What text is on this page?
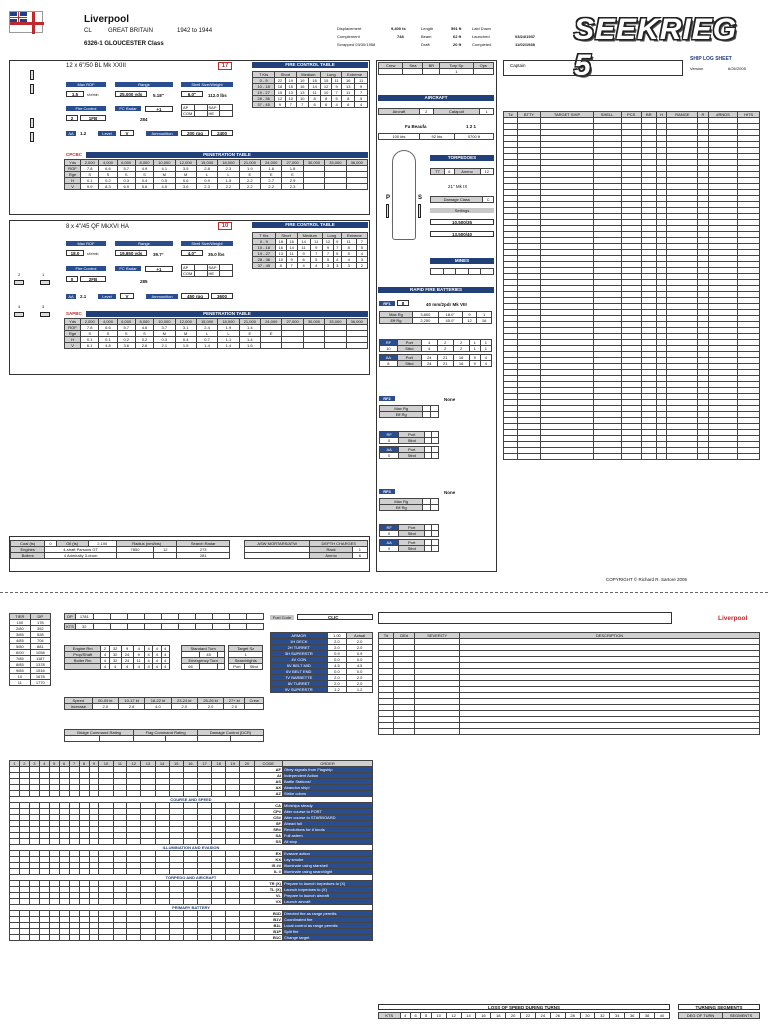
Liverpool
CL	GREAT BRITAIN	1942 to 1944
6326-1 GLOUCESTER Class
Displacement	9,400 ts
Complement	748
Scrapped 03/30/1958
Length	591 ft
Beam	62 ft
Draft	20 ft
Laid Down
Launched	03/24/1937
Completed	11/02/1938 SEEKRIEG 5	SHIP LOG SHEET
Version	6/26/2005
12 x 6"/50 BL Mk XXIII	17
Max ROF
1.5	shr/min
Range
25,000 yds	5.18"
Shell Size/Weight
6.0"	112.0 lbs
Fire Control
2	1FB
FC Radar	+1
284
AP		SAP	
COM		HE	
AA	1.2	Level	V	Ammunition	200 rpg	2400
FIRE CONTROL TABLE
T Kts	Short		Medium		Long		Extreme	
0 - 9	22	19	19	16	15	11	16	11
10 - 18	18	15	16	14	12	9	13	9
19 - 27	15	13	13	11	10	7	11	7
28 - 36	12	10	10	8	8	5	8	5
37 - 45	9	7	7	6	6	4	6	4
CPCBC	PENETRATION TABLE
Yds	2,000	4,000	6,000	8,000	10,000	12,000	15,000	18,000	21,000	24,000	27,000	30,000	33,000	36,000
ROF	7.8	6.6	5.7	4.9	4.1	3.5	2.8	2.3	1.9	1.6	1.8			
Rge	S	S	S	S	M	M	L	L	E	E	E			
H	0.1	0.2	0.3	0.4	0.5	0.6	0.9	1.5	2.2	2.7	2.9			
V	9.9	8.3	6.9	5.6	4.5	3.6	2.3	2.2	2.2	2.2	2.3			
8 x 4"/45 QF MkXVI HA	10
2	1
4	3
Max ROF
18.0	shr/min
Range
19,850 yds	39.7°
Shell Size/Weight
4.0"	35.0 lbs
Fire Control
0	2FB
FC Radar	+1
285
AP		SAP	
COM		HE	
AA	2.1	Level	V	Ammunition	450 rpg	3600
FIRE CONTROL TABLE
T Kts	Short		Medium		Long		Extreme	
0 - 9	18	16	14	11	12	9	11	7
10 - 18	16	14	11	9	9	7	8	5
19 - 27	13	11	9	7	7	5	5	4
28 - 36	10	9	6	5	5	4	4	3
37 - 45	8	7	4	4	3	3	3	2
SAPBC	PENETRATION TABLE
Yds	2,000	4,000	6,000	8,000	10,000	12,000	15,000	18,000	21,000	24,000	27,000	30,000	33,000	36,000
ROF	7.8	6.6	5.7	4.6	3.7	3.1	2.4	1.9	1.4					
Rge	S	S	S	S	M	M	L	L	E	E				
H	0.1	0.1	0.2	0.2	0.3	0.4	0.7	1.1	1.4					
V	6.1	4.8	3.6	2.6	2.1	1.5	1.4	1.4	1.6					
Coal (ts)	0	Oil (ts)	2,100	Radius (nmi/kts)		Search Radar
Engines	4-shaft Parsons GT			7850	12	273
Boilers	4 Admiralty 3-drum					281
ASW MORTARS/ATW	DEPTH CHARGES	
	Rack	1
	Ammo	6
Crew	Sea	BR	Torp Sp	Ops
			1	
AIRCRAFT
Aircraft	2	Catapult	1
Fa Beaufa	1 2 1
100 kts	92 kts	0700 ft
TORPEDOES
TT	6	Ammo	12
21" Mk IX
Damage Class	C
Settings
10,500/35
13,500/40
P	S
MINES

RAPID FIRE BATTERIES
RF1	8	40 mm/2pdr Mk VIII
Max Rg	3,800	18.0"	9	1
Eff Rg	2,250	45.0"	12	16
RF	Port	4	2	2	1	1
10	Stbd	4	2	2	1	1

AA	Port	24	21	16	9	4
8	Stbd	24	21	16	9	4

RF2	None
Max Rg		
Eff Rg		
RF	Port		
0	Stbd		

AA	Port		
0	Stbd		

RF3	None
Max Rg		
Eff Rg		
RF	Port		
0	Stbd		

AA	Port		
0	Stbd		

Captain
T#	BTTY	TARGET SHIP	SHELL	PCS	BR	H	RANGE	R	#RNDS	HITS

COPYRIGHT © Richard R. Sartore 2005
TIER	DP
100	178
2/80	352
3/85	528
4/85	704
5/80	881
6/00	1058
7/85	1187
8/85	1378
9/85	1516
10	1678
11	1770
DP	1781										

KTS	32										
Fuel Code	CLIC	Liverpool
Engine Rm	2	32	9	4	4	4	4
Prop/Shaft	4	32	24	9	4	4	4
Boiler Rm	4	32	24	11	4	4	4
	4	4	4	4	4	4	4
Standard Turn				Target Sz	
	45			1	
Emergency Turn				Searchlights	
66				Port	Stbd
Speed	00-09 kt	10-17 kt	18-22 kt	23-24 kt	25-26 kt	27+ kt	Crew
Increase	2.0	2.8	4.0	2.0	2.0	2.0	
Bridge Command Rating		Flag Command Rating		Damage Control (DCR)	

ARMOR	1.00	Actual
1H DECK	2.0	2.0
2H TURRET	2.0	2.0
3H SUPERSTR	0.9	0.9
4V CON	0.0	0.0
5V BELT MID	4.5	4.5
6V BELT END	0.0	0.0
7V BARBETTE	2.0	2.0
8V TURRET	2.0	2.0
9V SUPERSTR	1.2	1.2
T#	DE#	SEVERITY	DESCRIPTION

1	2	3	4	5	6	7	8	9	10	11	12	13	14	15	16	17	18	19	20	CODE	ORDER
																				AF	Obey signals from Flagship
																				AI	Independent Action
																				AS	Battle Stations!
																				AX	Abandon ship!
																				AZ	Strike colors
COURSE AND SPEED																					
																				CA	Midships steady
																				CP#	Alter course to PORT
																				CS#	Alter course to STARBOARD
																				SF	Ahead full
																				SR#	Revolutions for # knots
																				SA	Full astern
																				SS	All stop
ILLUMINATION AND EVASION																					
																				EX	Evasive action
																				KX	Lay smoke
																				IS ##	Illuminate using starshell
																				IL #	Illuminate using searchlight
TORPEDO AND AIRCRAFT																					
																				TR (X)	Prepare to launch torpedoes to (X)
																				TL (X)	Launch torpedoes to (X)
																				VL	Prepare to launch aircraft
																				VX	Launch aircraft
PRIMARY BATTERY																					
																				B1D	Directed fire as range permits
																				B1V	Coordinated fire
																				B1L	Local control as range permits
																				B1P	Split fire
																				B1C	Change target
LOSS OF SPEED DURING TURNS
KTS	4	6	8	10	12	14	16	18	20	22	24	26	28	30	32	34	36	38	40
TURNING SEGMENTS
DEG OF TURN	SEGMENTS
